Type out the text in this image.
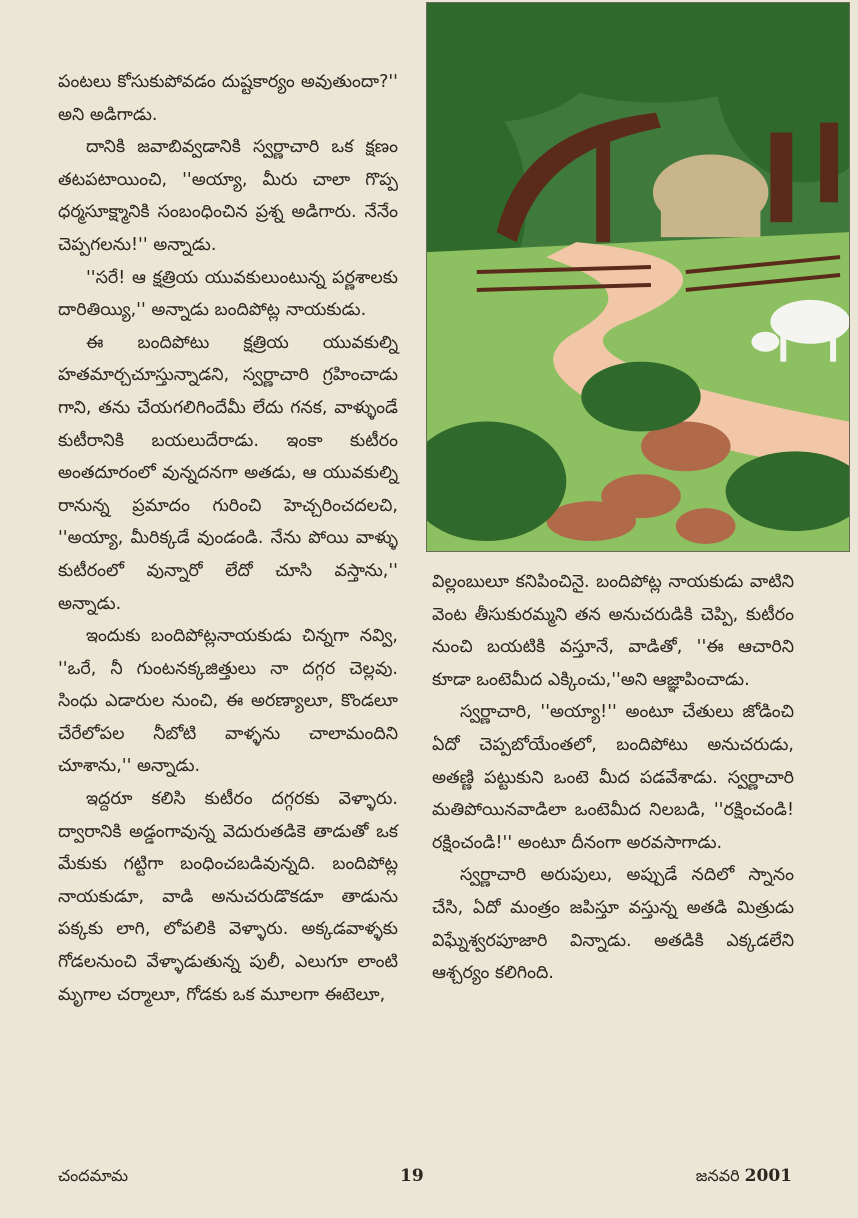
పంటలు కోసుకుపోవడం దుష్టకార్యం అవుతుందా?'' అని అడిగాడు.

దానికి జవాబివ్వడానికి స్వర్ణాచారి ఒక క్షణం తటపటాయించి, ''అయ్యా, మీరు చాలా గొప్ప ధర్మసూక్ష్మానికి సంబంధించిన ప్రశ్న అడిగారు. నేనేం చెప్పగలను!'' అన్నాడు.

''సరే! ఆ క్షత్రియ యువకులుంటున్న పర్ణశాలకు దారితియ్యి,'' అన్నాడు బందిపోట్ల నాయకుడు.

ఈ బందిపోటు క్షత్రియ యువకుల్ని హతమార్చచూస్తున్నాడని, స్వర్ణాచారి గ్రహించాడు గాని, తను చేయగలిగిందేమీ లేదు గనక, వాళ్ళుండే కుటీరానికి బయలుదేరాడు. ఇంకా కుటీరం అంతదూరంలో వున్నదనగా అతడు, ఆ యువకుల్ని రానున్న ప్రమాదం గురించి హెచ్చరించదలచి, ''అయ్యా, మీరిక్కడే వుండండి. నేను పోయి వాళ్ళు కుటీరంలో వున్నారో లేదో చూసి వస్తాను,'' అన్నాడు.

ఇందుకు బందిపోట్లనాయకుడు చిన్నగా నవ్వి, ''ఒరే, నీ గుంటనక్కజిత్తులు నా దగ్గర చెల్లవు. సింధు ఎడారుల నుంచి, ఈ అరణ్యాలూ, కొండలూ చేరేలోపల నీబోటి వాళ్ళను చాలామందిని చూశాను,'' అన్నాడు.

ఇద్దరూ కలిసి కుటీరం దగ్గరకు వెళ్ళారు. ద్వారానికి అడ్డంగావున్న వెదురుతడికె తాడుతో ఒక మేకుకు గట్టిగా బంధించబడివున్నది. బందిపోట్ల నాయకుడూ, వాడి అనుచరుడొకడూ తాడును పక్కకు లాగి, లోపలికి వెళ్ళారు. అక్కడవాళ్ళకు గోడలనుంచి వేళ్ళాడుతున్న పులీ, ఎలుగూ లాంటి మృగాల చర్మాలూ, గోడకు ఒక మూలగా ఈటెలూ,

విల్లంబులూ కనిపించినై. బందిపోట్ల నాయకుడు వాటిని వెంట తీసుకురమ్మని తన అనుచరుడికి చెప్పి, కుటీరం నుంచి బయటికి వస్తూనే, వాడితో, ''ఈ ఆచారిని కూడా ఒంటెమీద ఎక్కించు,''అని ఆజ్ఞాపించాడు.

స్వర్ణాచారి, ''అయ్యా!'' అంటూ చేతులు జోడించి ఏదో చెప్పబోయేంతలో, బందిపోటు అనుచరుడు, అతణ్ణి పట్టుకుని ఒంటె మీద పడవేశాడు. స్వర్ణాచారి మతిపోయినవాడిలా ఒంటెమీద నిలబడి, ''రక్షించండి! రక్షించండి!'' అంటూ దీనంగా అరవసాగాడు.

స్వర్ణాచారి అరుపులు, అప్పుడే నదిలో స్నానం చేసి, ఏదో మంత్రం జపిస్తూ వస్తున్న అతడి మిత్రుడు విఘ్నేశ్వరపూజారి విన్నాడు. అతడికి ఎక్కడలేని ఆశ్చర్యం కలిగింది.

చందమామ	19	జనవరి 2001
